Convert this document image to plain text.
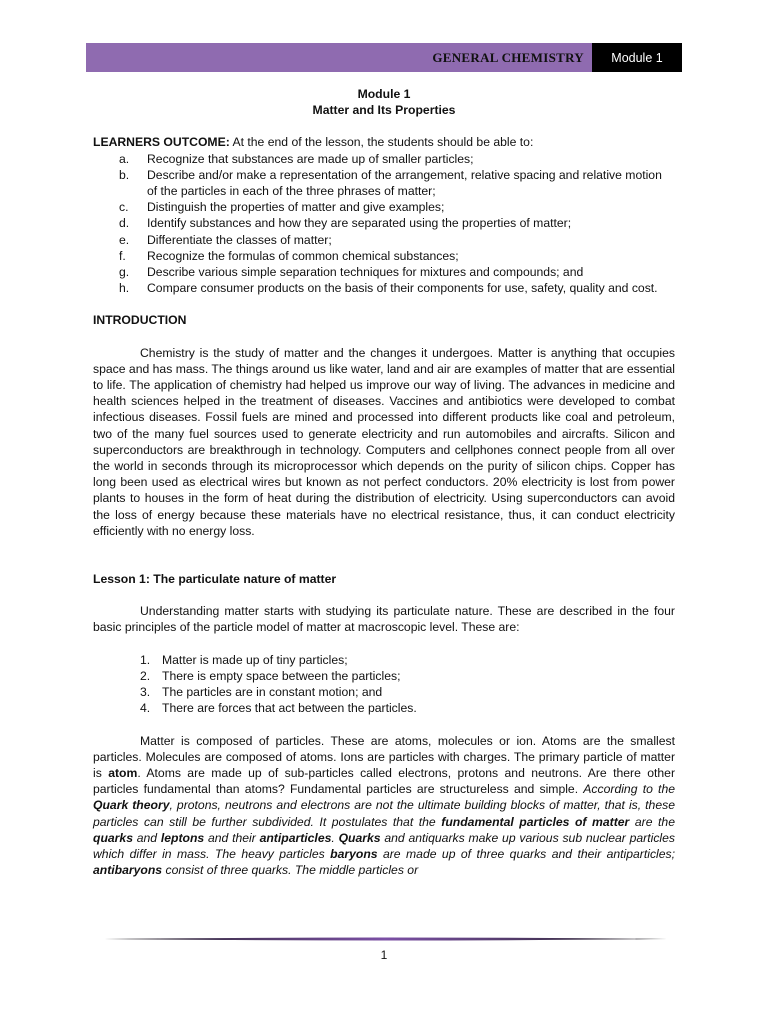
GENERAL CHEMISTRY	Module 1
Module 1
Matter and Its Properties

LEARNERS OUTCOME: At the end of the lesson, the students should be able to:

a.	Recognize that substances are made up of smaller particles;
b.	Describe and/or make a representation of the arrangement, relative spacing and relative motion of the particles in each of the three phrases of matter;
c.	Distinguish the properties of matter and give examples;
d.	Identify substances and how they are separated using the properties of matter;
e.	Differentiate the classes of matter;
f.	Recognize the formulas of common chemical substances;
g.	Describe various simple separation techniques for mixtures and compounds; and
h.	Compare consumer products on the basis of their components for use, safety, quality and cost.

INTRODUCTION

Chemistry is the study of matter and the changes it undergoes. Matter is anything that occupies space and has mass. The things around us like water, land and air are examples of matter that are essential to life. The application of chemistry had helped us improve our way of living. The advances in medicine and health sciences helped in the treatment of diseases. Vaccines and antibiotics were developed to combat infectious diseases. Fossil fuels are mined and processed into different products like coal and petroleum, two of the many fuel sources used to generate electricity and run automobiles and aircrafts. Silicon and superconductors are breakthrough in technology. Computers and cellphones connect people from all over the world in seconds through its microprocessor which depends on the purity of silicon chips. Copper has long been used as electrical wires but known as not perfect conductors. 20% electricity is lost from power plants to houses in the form of heat during the distribution of electricity. Using superconductors can avoid the loss of energy because these materials have no electrical resistance, thus, it can conduct electricity efficiently with no energy loss.

Lesson 1: The particulate nature of matter

Understanding matter starts with studying its particulate nature. These are described in the four basic principles of the particle model of matter at macroscopic level. These are:

1. Matter is made up of tiny particles;
2. There is empty space between the particles;
3. The particles are in constant motion; and
4. There are forces that act between the particles.

Matter is composed of particles. These are atoms, molecules or ion. Atoms are the smallest particles. Molecules are composed of atoms. Ions are particles with charges. The primary particle of matter is atom. Atoms are made up of sub-particles called electrons, protons and neutrons. Are there other particles fundamental than atoms? Fundamental particles are structureless and simple. According to the Quark theory, protons, neutrons and electrons are not the ultimate building blocks of matter, that is, these particles can still be further subdivided. It postulates that the fundamental particles of matter are the quarks and leptons and their antiparticles. Quarks and antiquarks make up various sub nuclear particles which differ in mass. The heavy particles baryons are made up of three quarks and their antiparticles; antibaryons consist of three quarks. The middle particles or

1
